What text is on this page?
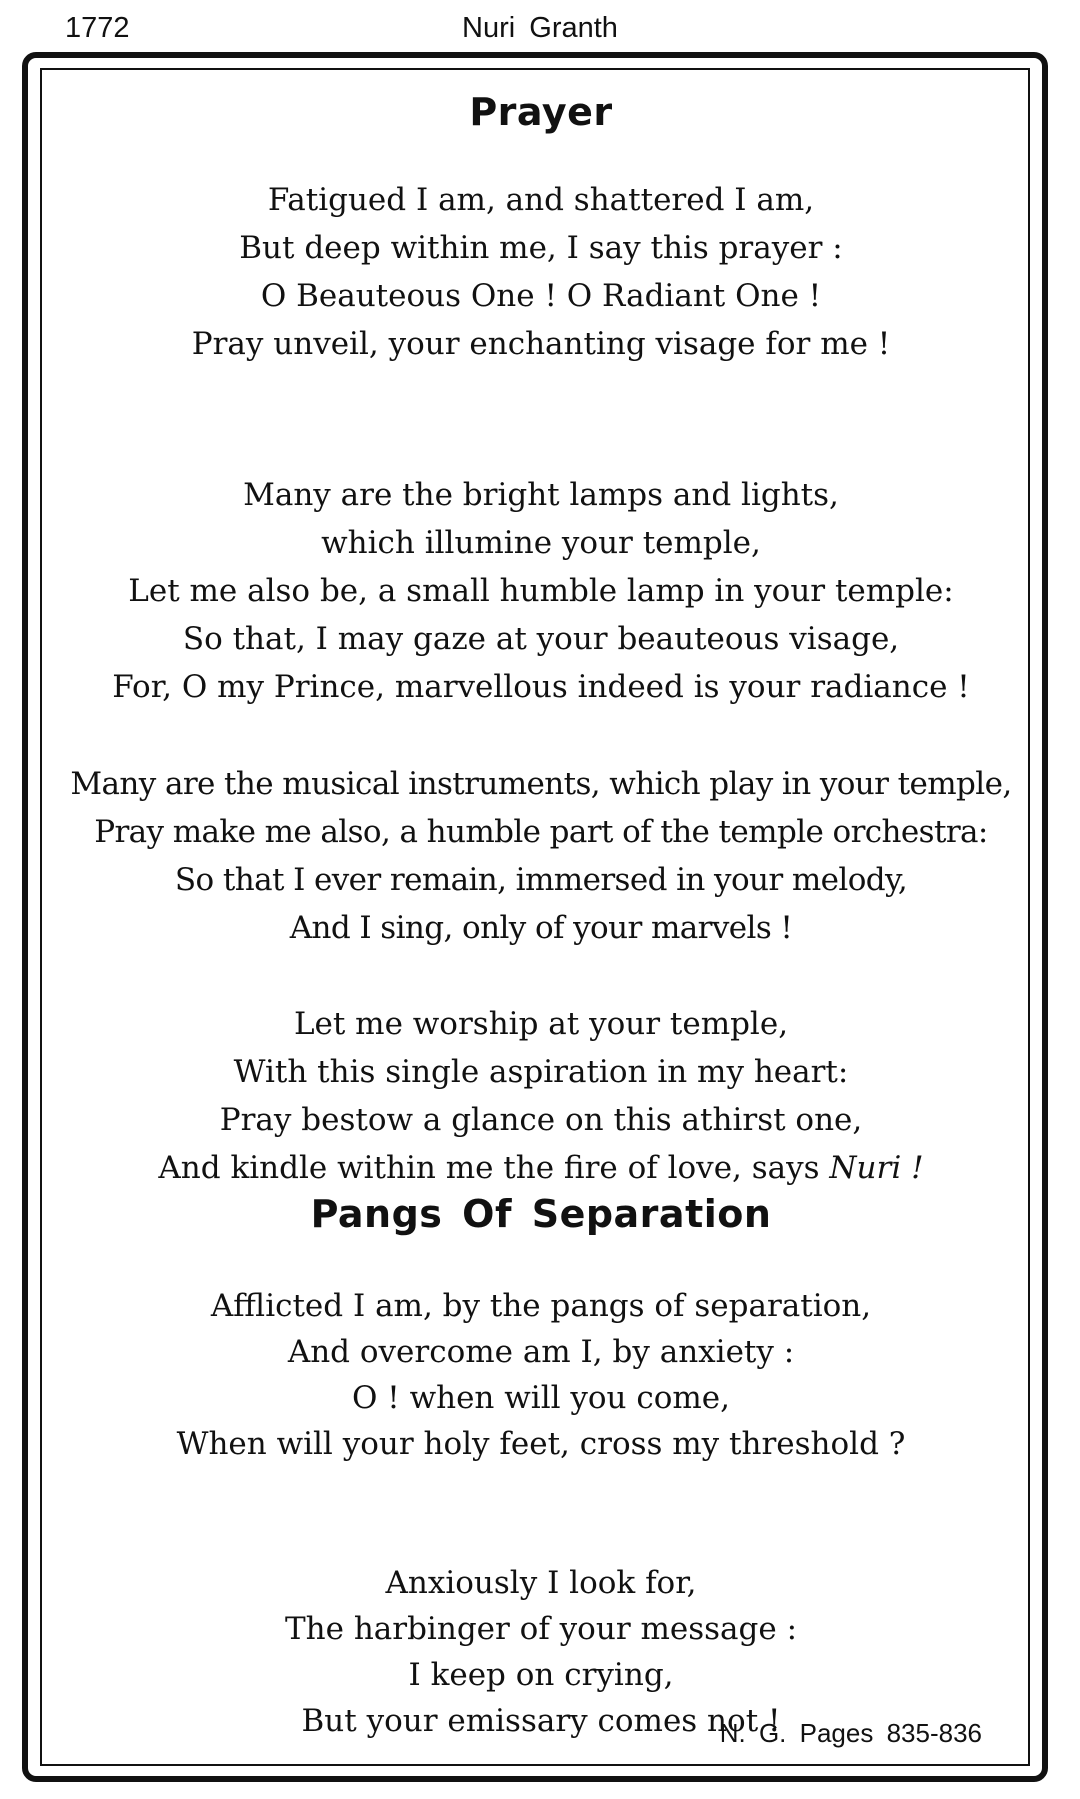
1772	Nuri Granth
Prayer

Fatigued I am, and shattered I am,
But deep within me, I say this prayer :
O Beauteous One ! O Radiant One !
Pray unveil, your enchanting visage for me !

Many are the bright lamps and lights,
which illumine your temple,
Let me also be, a small humble lamp in your temple:
So that, I may gaze at your beauteous visage,
For, O my Prince, marvellous indeed is your radiance !

Many are the musical instruments, which play in your temple,
Pray make me also, a humble part of the temple orchestra:
So that I ever remain, immersed in your melody,
And I sing, only of your marvels !

Let me worship at your temple,
With this single aspiration in my heart:
Pray bestow a glance on this athirst one,
And kindle within me the fire of love, says Nuri !

Pangs Of Separation

Afflicted I am, by the pangs of separation,
And overcome am I, by anxiety :
O ! when will you come,
When will your holy feet, cross my threshold ?

Anxiously I look for,
The harbinger of your message :
I keep on crying,
But your emissary comes not !

N. G. Pages 835-836
